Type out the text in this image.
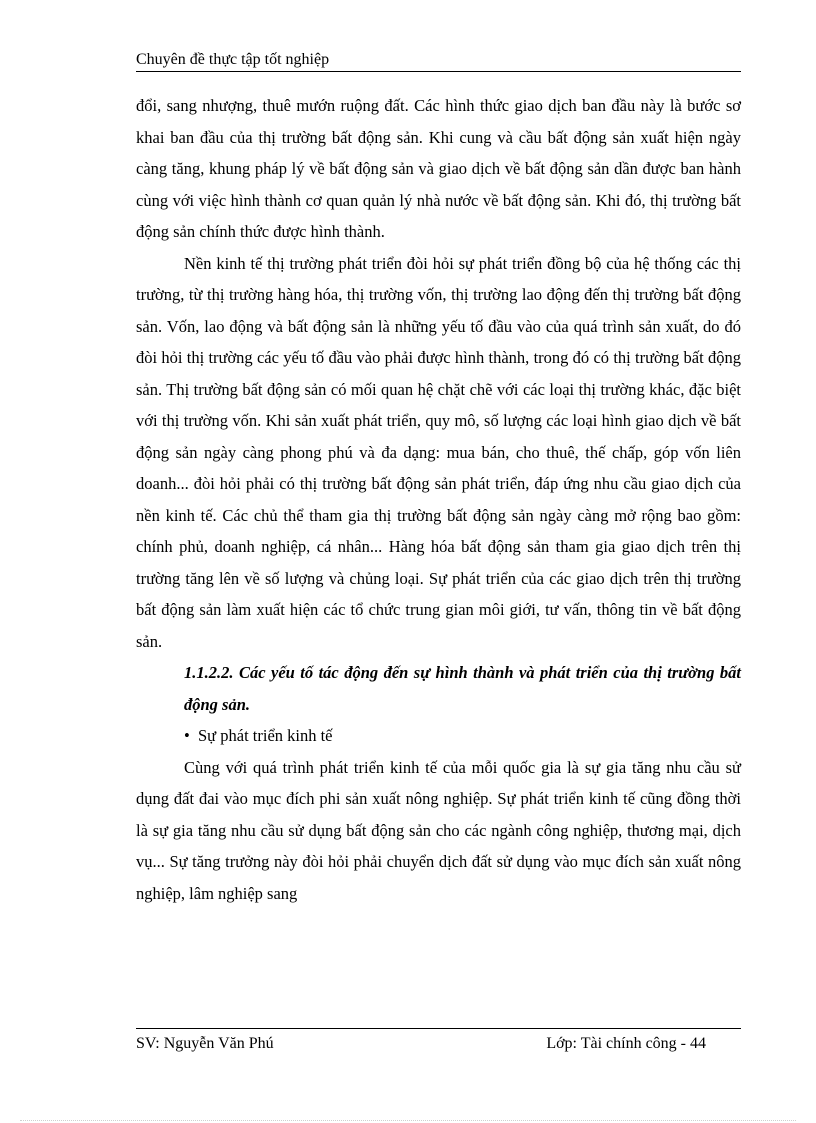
Chuyên đề thực tập tốt nghiệp

đổi, sang nhượng, thuê mướn ruộng đất. Các hình thức giao dịch ban đầu này là bước sơ khai ban đầu của thị trường bất động sản. Khi cung và cầu bất động sản xuất hiện ngày càng tăng, khung pháp lý về bất động sản và giao dịch về bất động sản dần được ban hành cùng với việc hình thành cơ quan quản lý nhà nước về bất động sản. Khi đó, thị trường bất động sản chính thức được hình thành.

Nền kinh tế thị trường phát triển đòi hỏi sự phát triển đồng bộ của hệ thống các thị trường, từ thị trường hàng hóa, thị trường vốn, thị trường lao động đến thị trường bất động sản. Vốn, lao động và bất động sản là những yếu tố đầu vào của quá trình sản xuất, do đó đòi hỏi thị trường các yếu tố đầu vào phải được hình thành, trong đó có thị trường bất động sản. Thị trường bất động sản có mối quan hệ chặt chẽ với các loại thị trường khác, đặc biệt với thị trường vốn. Khi sản xuất phát triển, quy mô, số lượng các loại hình giao dịch về bất động sản ngày càng phong phú và đa dạng: mua bán, cho thuê, thế chấp, góp vốn liên doanh... đòi hỏi phải có thị trường bất động sản phát triển, đáp ứng nhu cầu giao dịch của nền kinh tế. Các chủ thể tham gia thị trường bất động sản ngày càng mở rộng bao gồm: chính phủ, doanh nghiệp, cá nhân... Hàng hóa bất động sản tham gia giao dịch trên thị trường tăng lên về số lượng và chủng loại. Sự phát triển của các giao dịch trên thị trường bất động sản làm xuất hiện các tổ chức trung gian môi giới, tư vấn, thông tin về bất động sản.

1.1.2.2. Các yếu tố tác động đến sự hình thành và phát triển của thị trường bất động sản.

• Sự phát triển kinh tế

Cùng với quá trình phát triển kinh tế của mỗi quốc gia là sự gia tăng nhu cầu sử dụng đất đai vào mục đích phi sản xuất nông nghiệp. Sự phát triển kinh tế cũng đồng thời là sự gia tăng nhu cầu sử dụng bất động sản cho các ngành công nghiệp, thương mại, dịch vụ... Sự tăng trưởng này đòi hỏi phải chuyển dịch đất sử dụng vào mục đích sản xuất nông nghiệp, lâm nghiệp sang

SV: Nguyễn Văn Phú	Lớp: Tài chính công - 44
